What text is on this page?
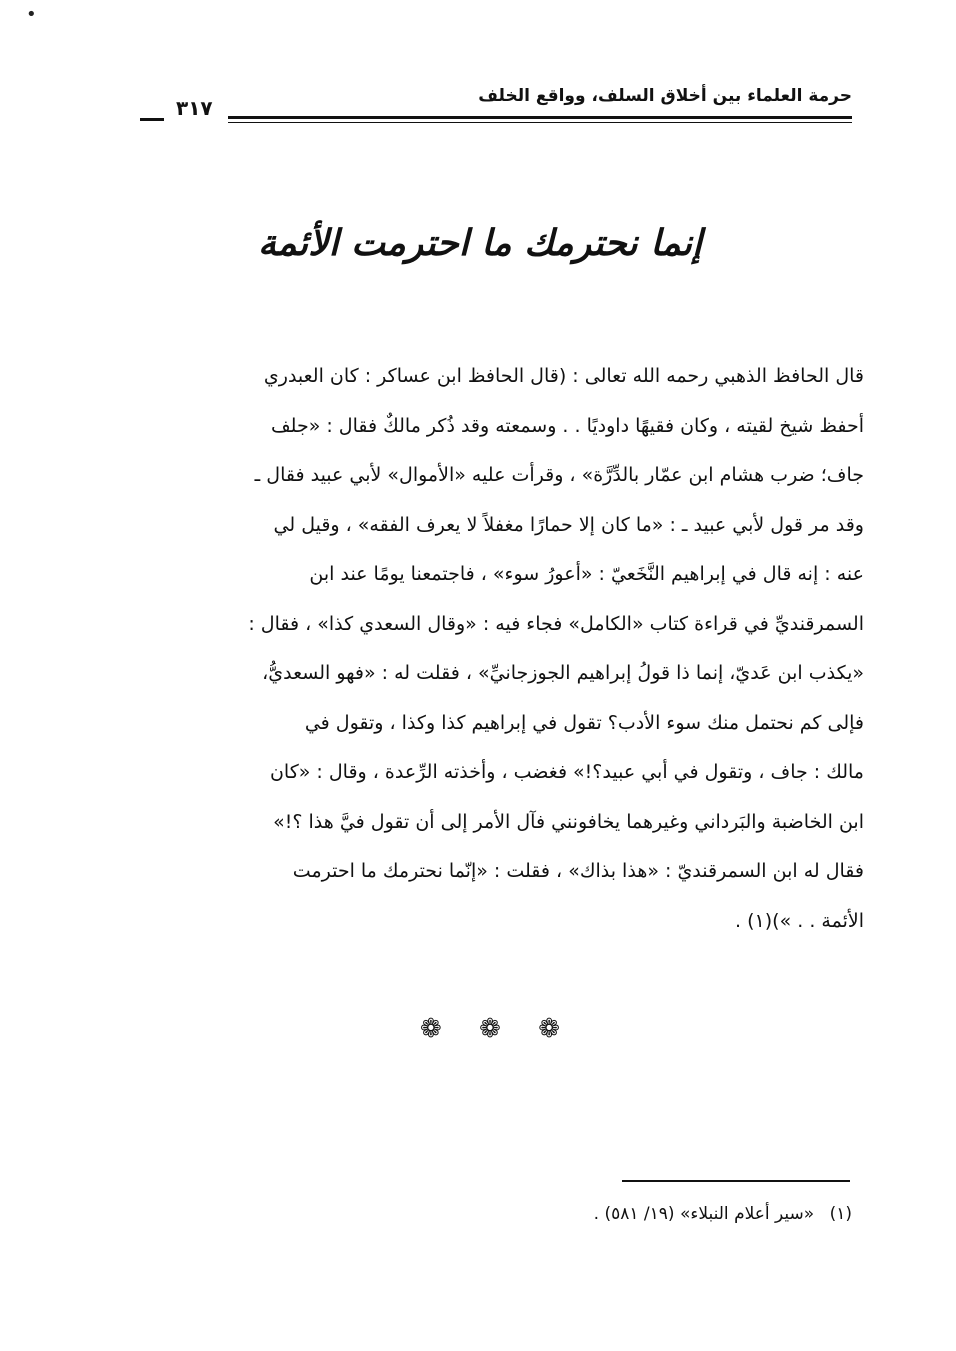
•
حرمة العلماء بين أخلاق السلف، وواقع الخلف
٣١٧
إنما نحترمك ما احترمت الأئمة
قال الحافظ الذهبي رحمه الله تعالى : (قال الحافظ ابن عساكر : كان العبدري
أحفظ شيخ لقيته ، وكان فقيهًا داوديًا . . وسمعته وقد ذُكر مالكٌ فقال : «جلف
جاف؛ ضرب هشام ابن عمّار بالدِّرَّة» ، وقرأت عليه «الأموال» لأبي عبيد فقال ـ
وقد مر قول لأبي عبيد ـ : «ما كان إلا حمارًا مغفلاً لا يعرف الفقه» ، وقيل لي
عنه : إنه قال في إبراهيم النَّخَعيّ : «أعورُ سوء» ، فاجتمعنا يومًا عند ابن
السمرقنديِّ في قراءة كتاب «الكامل» فجاء فيه : «وقال السعدي كذا» ، فقال :
«يكذب ابن عَديّ، إنما ذا قولُ إبراهيم الجوزجانيِّ» ، فقلت له : «فهو السعديُّ،
فإلى كم نحتمل منك سوء الأدب؟ تقول في إبراهيم كذا وكذا ، وتقول في
مالك : جاف ، وتقول في أبي عبيد؟!» فغضب ، وأخذته الرِّعدة ، وقال : «كان
ابن الخاضبة والبَرداني وغيرهما يخافونني فآل الأمر إلى أن تقول فيَّ هذا ؟!»
فقال له ابن السمرقنديّ : «هذا بذاك» ، فقلت : «إنّما نحترمك ما احترمت
الأئمة . . »)(١) .
❁ ❁ ❁
(١) «سير أعلام النبلاء» (١٩/ ٥٨١) .
